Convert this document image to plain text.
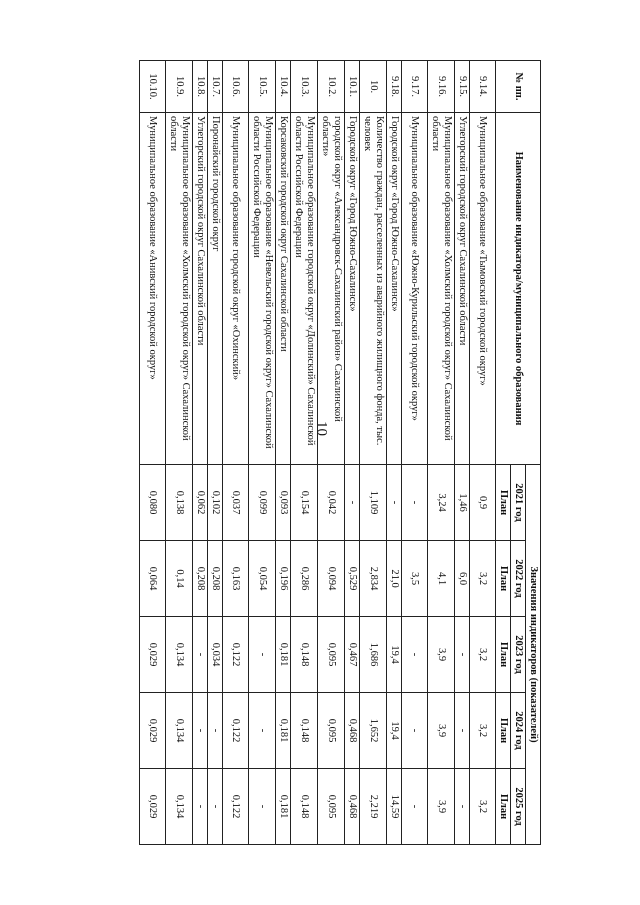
10
№ пп.	Наименование индикатора/муниципального образования	Значения индикаторов (показателей)				
		2021 год	2022 год	2023 год	2024 год	2025 год
		План	План	План	План	План
9.14.	Муниципальное образование «Тымовский городской округ»	0,9	3,2	3,2	3,2	3,2
9.15.	Углегорский городской округ Сахалинской области	1,46	6,0	-	-	-
9.16.	Муниципальное образование «Холмский городской округ» Сахалинской области	3,24	4,1	3,9	3,9	3,9
9.17.	Муниципальное образование «Южно-Курильский городской округ»	-	3,5	-	-	-
9.18.	Городской округ «Город Южно-Сахалинск»	-	21,0	19,4	19,4	14,59
10.	Количество граждан, расселенных из аварийного жилищного фонда, тыс. человек	1,109	2,834	1,686	1,652	2,219
10.1.	Городской округ «Город Южно-Сахалинск»	-	0,529	0,467	0,468	0,468
10.2.	городской округ «Александровск-Сахалинский район» Сахалинской области»	0,042	0,094	0,095	0,095	0,095
10.3.	Муниципальное образование городской округ «Долинский» Сахалинской области Российской Федерации	0,154	0,286	0,148	0,148	0,148
10.4.	Корсаковский городской округ Сахалинской области	0,093	0,196	0,181	0,181	0,181
10.5.	Муниципальное образование «Невельский городской округ» Сахалинской области Российской Федерации	0,099	0,054	-	-	-
10.6.	Муниципальное образование городской округ «Охинский»	0,037	0,163	0,122	0,122	0,122
10.7.	Поронайский городской округ	0,102	0,208	0,034	-	-
10.8.	Углегорский городской округ Сахалинской области	0,062	0,208	-	-	-
10.9.	Муниципальное образование «Холмский городской округ» Сахалинской области	0,138	0,14	0,134	0,134	0,134
10.10.	Муниципальное образование «Анивский городской округ»	0,080	0,064	0,029	0,029	0,029
